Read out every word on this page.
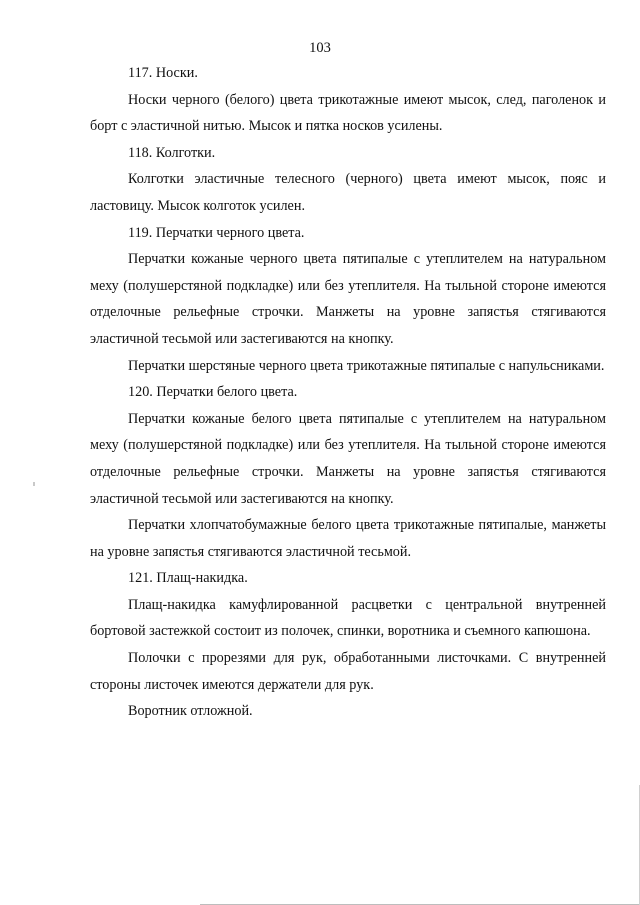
103

117. Носки.

Носки черного (белого) цвета трикотажные имеют мысок, след, паголенок и борт с эластичной нитью. Мысок и пятка носков усилены.

118. Колготки.

Колготки эластичные телесного (черного) цвета имеют мысок, пояс и ластовицу. Мысок колготок усилен.

119. Перчатки черного цвета.

Перчатки кожаные черного цвета пятипалые с утеплителем на натуральном меху (полушерстяной подкладке) или без утеплителя. На тыльной стороне имеются отделочные рельефные строчки. Манжеты на уровне запястья стягиваются эластичной тесьмой или застегиваются на кнопку.

Перчатки шерстяные черного цвета трикотажные пятипалые с напульсниками.

120. Перчатки белого цвета.

Перчатки кожаные белого цвета пятипалые с утеплителем на натуральном меху (полушерстяной подкладке) или без утеплителя. На тыльной стороне имеются отделочные рельефные строчки. Манжеты на уровне запястья стягиваются эластичной тесьмой или застегиваются на кнопку.

Перчатки хлопчатобумажные белого цвета трикотажные пятипалые, манжеты на уровне запястья стягиваются эластичной тесьмой.

121. Плащ-накидка.

Плащ-накидка камуфлированной расцветки с центральной внутренней бортовой застежкой состоит из полочек, спинки, воротника и съемного капюшона.

Полочки с прорезями для рук, обработанными листочками. С внутренней стороны листочек имеются держатели для рук.

Воротник отложной.
